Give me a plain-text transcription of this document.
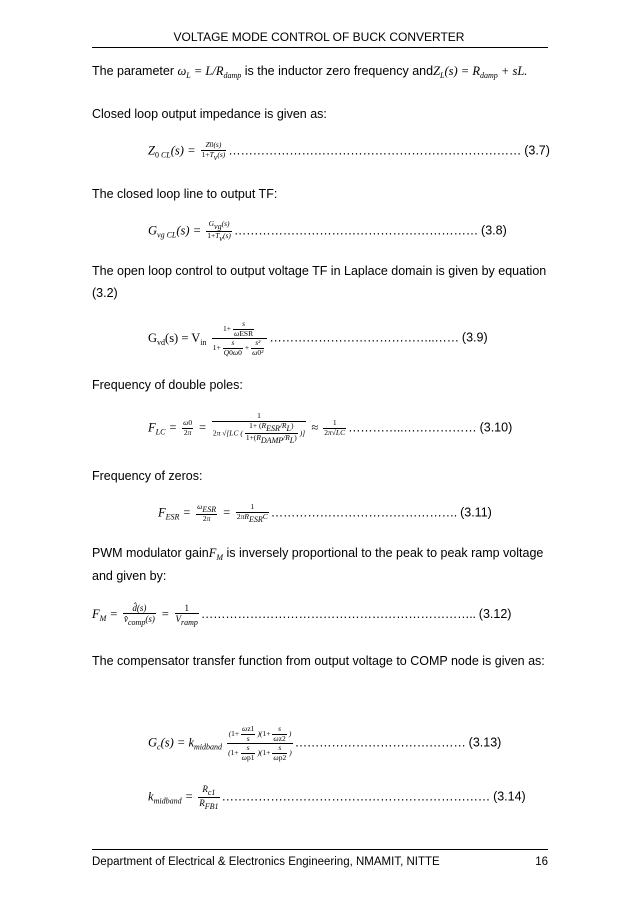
VOLTAGE MODE CONTROL OF BUCK CONVERTER
The parameter $\omega_L = L/R_{damp}$ is the inductor zero frequency andZ$_L$(s) = $R_{damp}$ + sL.
Closed loop output impedance is given as:
$Z_{0 CL}(s) = \frac{Z0(s)}{1+Tv(s)}$ ……………………………………………………………… (3.7)
The closed loop line to output TF:
$G_{vg CL}(s) = \frac{\text{Gvg(s)}}{1+Tv(s)}$ …………………………………………………… (3.8)
The open loop control to output voltage TF in Laplace domain is given by equation
(3.2)
$G_{vd}(s) = V_{in} \frac{1+ \frac{s}{\text{ωESR}}}{1+ \frac{s}{Q0\omega 0} + \frac{\text{s²}}{\text{ω0²}}}$ …………………………………..…… (3.9)
Frequency of double poles:
$F_{LC} = \frac{\omega 0}{2\pi} = \frac{1}{2\pi √[LC ( \frac{\text{1+ (RESR/RL)}}{\text{1+(RDAMP/RL)}} )]} \approx \frac{1}{2\pi√LC}$ …………..……………… (3.10)
Frequency of zeros:
$F_{ESR} = \frac{\text{ωESR}}{2\pi} = \frac{1}{\text{2πRESRC}}$ ………………………………………. (3.11)
PWM modulator gainF$_M$ is inversely proportional to the peak to peak ramp voltage
and given by:
$F_M = \frac{d̂(s)}{\text{v̂comp(s)}} = \frac{1}{\text{Vramp}}$ ………………………………………………………….. (3.12)
The compensator transfer function from output voltage to COMP node is given as:
$G_c(s) = k_{midband} \frac{(1+ \frac{\omega z1}{s} )(1+ \frac{s}{\omega z2} )}{(1+ \frac{s}{\omega p1} )(1+ \frac{s}{\omega p2} )}$ …………………………………… (3.13)
$k_{midband} = \frac{Rc1}{\text{RFB1}}$ ………………………………………………………… (3.14)
Department of Electrical & Electronics Engineering, NMAMIT, NITTE	16
